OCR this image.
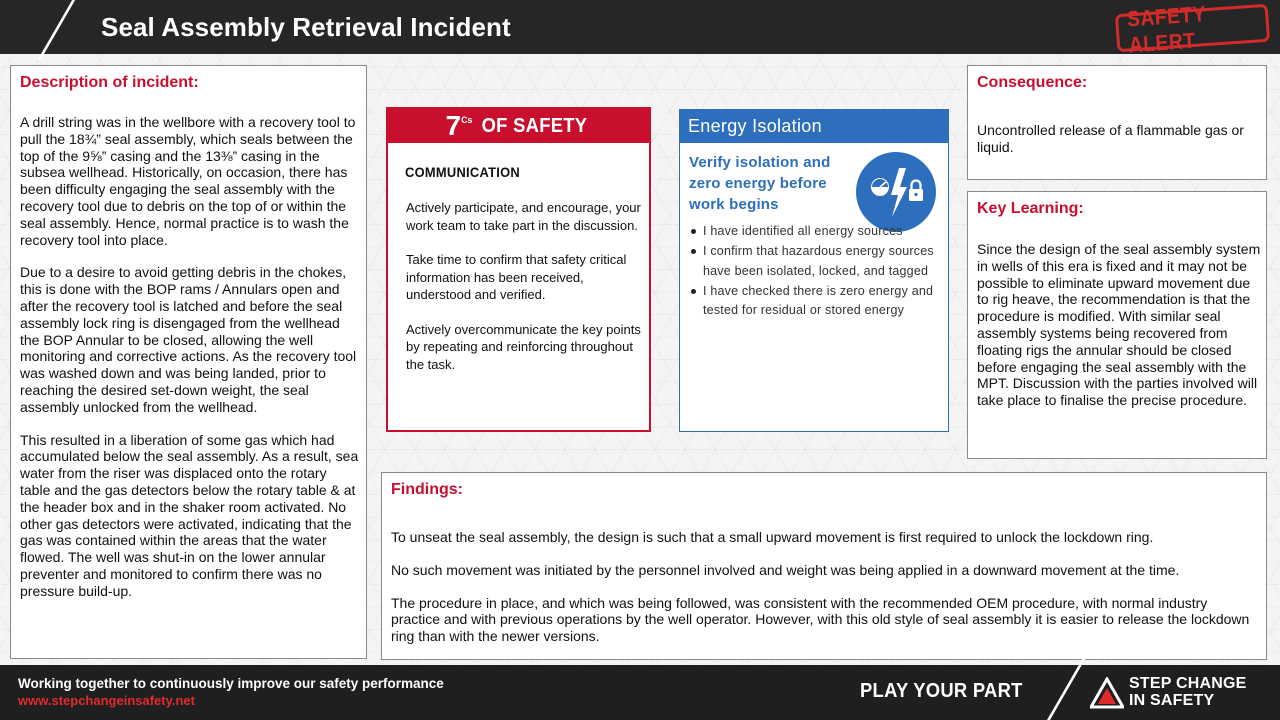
Seal Assembly Retrieval Incident	SAFETY ALERT
Description of incident:

A drill string was in the wellbore with a recovery tool to pull the 18¾” seal assembly, which seals between the top of the 9⅝” casing and the 13⅜” casing in the subsea wellhead. Historically, on occasion, there has been difficulty engaging the seal assembly with the recovery tool due to debris on the top of or within the seal assembly. Hence, normal practice is to wash the recovery tool into place.

Due to a desire to avoid getting debris in the chokes, this is done with the BOP rams / Annulars open and after the recovery tool is latched and before the seal assembly lock ring is disengaged from the wellhead the BOP Annular to be closed, allowing the well monitoring and corrective actions. As the recovery tool was washed down and was being landed, prior to reaching the desired set-down weight, the seal assembly unlocked from the wellhead.

This resulted in a liberation of some gas which had accumulated below the seal assembly. As a result, sea water from the riser was displaced onto the rotary table and the gas detectors below the rotary table & at the header box and in the shaker room activated. No other gas detectors were activated, indicating that the gas was contained within the areas that the water flowed. The well was shut-in on the lower annular preventer and monitored to confirm there was no pressure build-up.

7 Cs OF SAFETY
COMMUNICATION

Actively participate, and encourage, your work team to take part in the discussion.

Take time to confirm that safety critical information has been received, understood and verified.

Actively overcommunicate the key points by repeating and reinforcing throughout the task.

Energy Isolation
Verify isolation and zero energy before work begins
I have identified all energy sources
I confirm that hazardous energy sources have been isolated, locked, and tagged
I have checked there is zero energy and tested for residual or stored energy
Consequence:
Uncontrolled release of a flammable gas or liquid.
Key Learning:
Since the design of the seal assembly system in wells of this era is fixed and it may not be possible to eliminate upward movement due to rig heave, the recommendation is that the procedure is modified. With similar seal assembly systems being recovered from floating rigs the annular should be closed before engaging the seal assembly with the MPT. Discussion with the parties involved will take place to finalise the precise procedure.
Findings:

To unseat the seal assembly, the design is such that a small upward movement is first required to unlock the lockdown ring.

No such movement was initiated by the personnel involved and weight was being applied in a downward movement at the time.

The procedure in place, and which was being followed, was consistent with the recommended OEM procedure, with normal industry practice and with previous operations by the well operator. However, with this old style of seal assembly it is easier to release the lockdown ring than with the newer versions.

Working together to continuously improve our safety performance
www.stepchangeinsafety.net	PLAY YOUR PART	STEP CHANGE
IN SAFETY
